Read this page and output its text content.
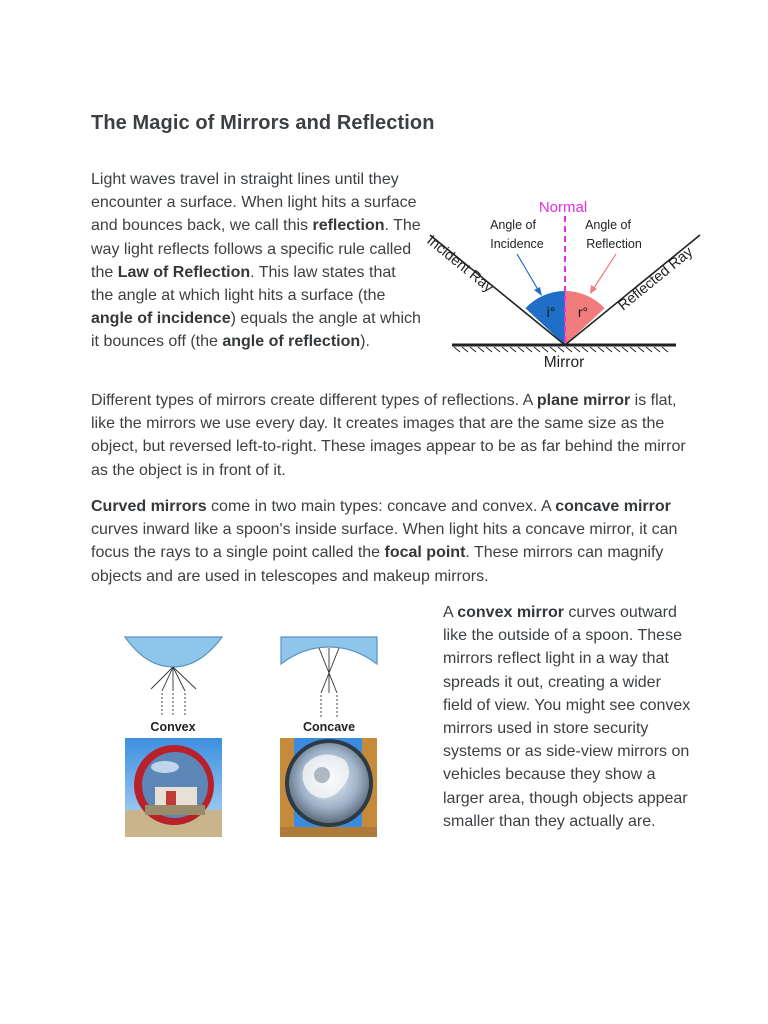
The Magic of Mirrors and Reflection

Light waves travel in straight lines until they encounter a surface. When light hits a surface and bounces back, we call this reflection. The way light reflects follows a specific rule called the Law of Reflection. This law states that the angle at which light hits a surface (the angle of incidence) equals the angle at which it bounces off (the angle of reflection).

Normal
Angle of
Incidence
Angle of
Reflection
Incident Ray	Reflected Ray
i° r°
Mirror

Different types of mirrors create different types of reflections. A plane mirror is flat, like the mirrors we use every day. It creates images that are the same size as the object, but reversed left-to-right. These images appear to be as far behind the mirror as the object is in front of it.

Curved mirrors come in two main types: concave and convex. A concave mirror curves inward like a spoon's inside surface. When light hits a concave mirror, it can focus the rays to a single point called the focal point. These mirrors can magnify objects and are used in telescopes and makeup mirrors.

Convex	Concave

A convex mirror curves outward like the outside of a spoon. These mirrors reflect light in a way that spreads it out, creating a wider field of view. You might see convex mirrors used in store security systems or as side-view mirrors on vehicles because they show a larger area, though objects appear smaller than they actually are.
